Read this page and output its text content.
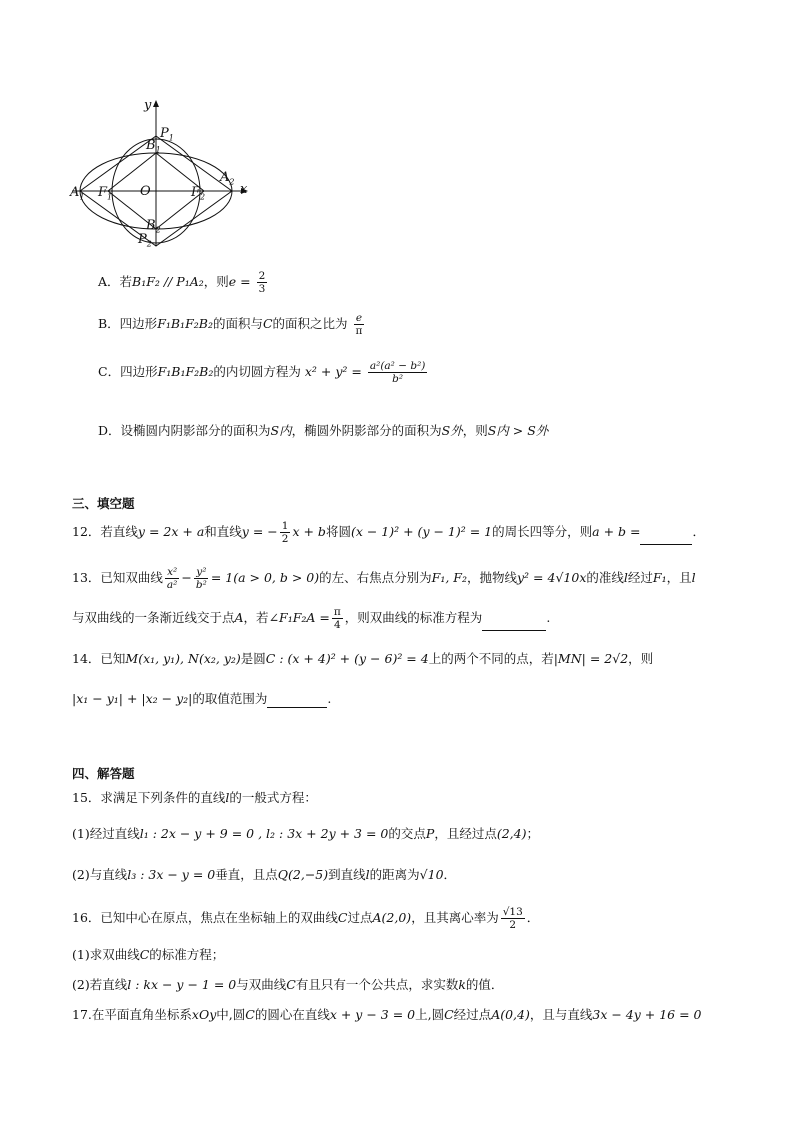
y
$P_1$
$B_1$
$A_1$ $F_1$ O	$F_2$
$A_2$ x
$B_2$
$P_2$
A．若B₁F₂ // P₁A₂，则$e = \frac{2}{3}$
B．四边形F₁B₁F₂B₂的面积与C的面积之比为 $\frac{e}{\pi}$
C．四边形F₁B₁F₂B₂的内切圆方程为 $x^2 + y^2 = \frac{\text{a²(a² − b²)}}{\text{b²}}$
D．设椭圆内阴影部分的面积为S内，椭圆外阴影部分的面积为S外，则S内 > S外
三、填空题
12．若直线y = 2x + a和直线y = − $\frac{1}{2}$ x + b将圆(x − 1)² + (y − 1)² = 1的周长四等分，则a + b =	．
13．已知双曲线 $\frac{\text{x²}}{\text{a²}} - \frac{\text{y²}}{\text{b²}} = 1(a > 0$, b > 0)的左、右焦点分别为F₁, F₂，抛物线y² = 4√10x的准线l经过F₁，且l
与双曲线的一条渐近线交于点A，若∠F₁F₂A = $\frac{\pi}{4}$ ，则双曲线的标准方程为	.
14．已知M(x₁, y₁), N(x₂, y₂)是圆C : (x + 4)² + (y − 6)² = 4上的两个不同的点，若|MN| = 2√2，则
|x₁ − y₁| + |x₂ − y₂|的取值范围为	.
四、解答题
15．求满足下列条件的直线l的一般式方程：
(1)经过直线l₁ : 2x − y + 9 = 0 , l₂ : 3x + 2y + 3 = 0的交点P，且经过点(2,4)；
(2)与直线l₃ : 3x − y = 0垂直，且点Q(2,−5)到直线l的距离为√10．
16．已知中心在原点，焦点在坐标轴上的双曲线C过点A(2,0)，且其离心率为 $\frac{√13}{2}$ ．
(1)求双曲线C的标准方程；
(2)若直线l : kx − y − 1 = 0与双曲线C有且只有一个公共点，求实数k的值．
17.在平面直角坐标系xOy中,圆C的圆心在直线x + y − 3 = 0上,圆C经过点A(0,4)，且与直线3x − 4y + 16 = 0
